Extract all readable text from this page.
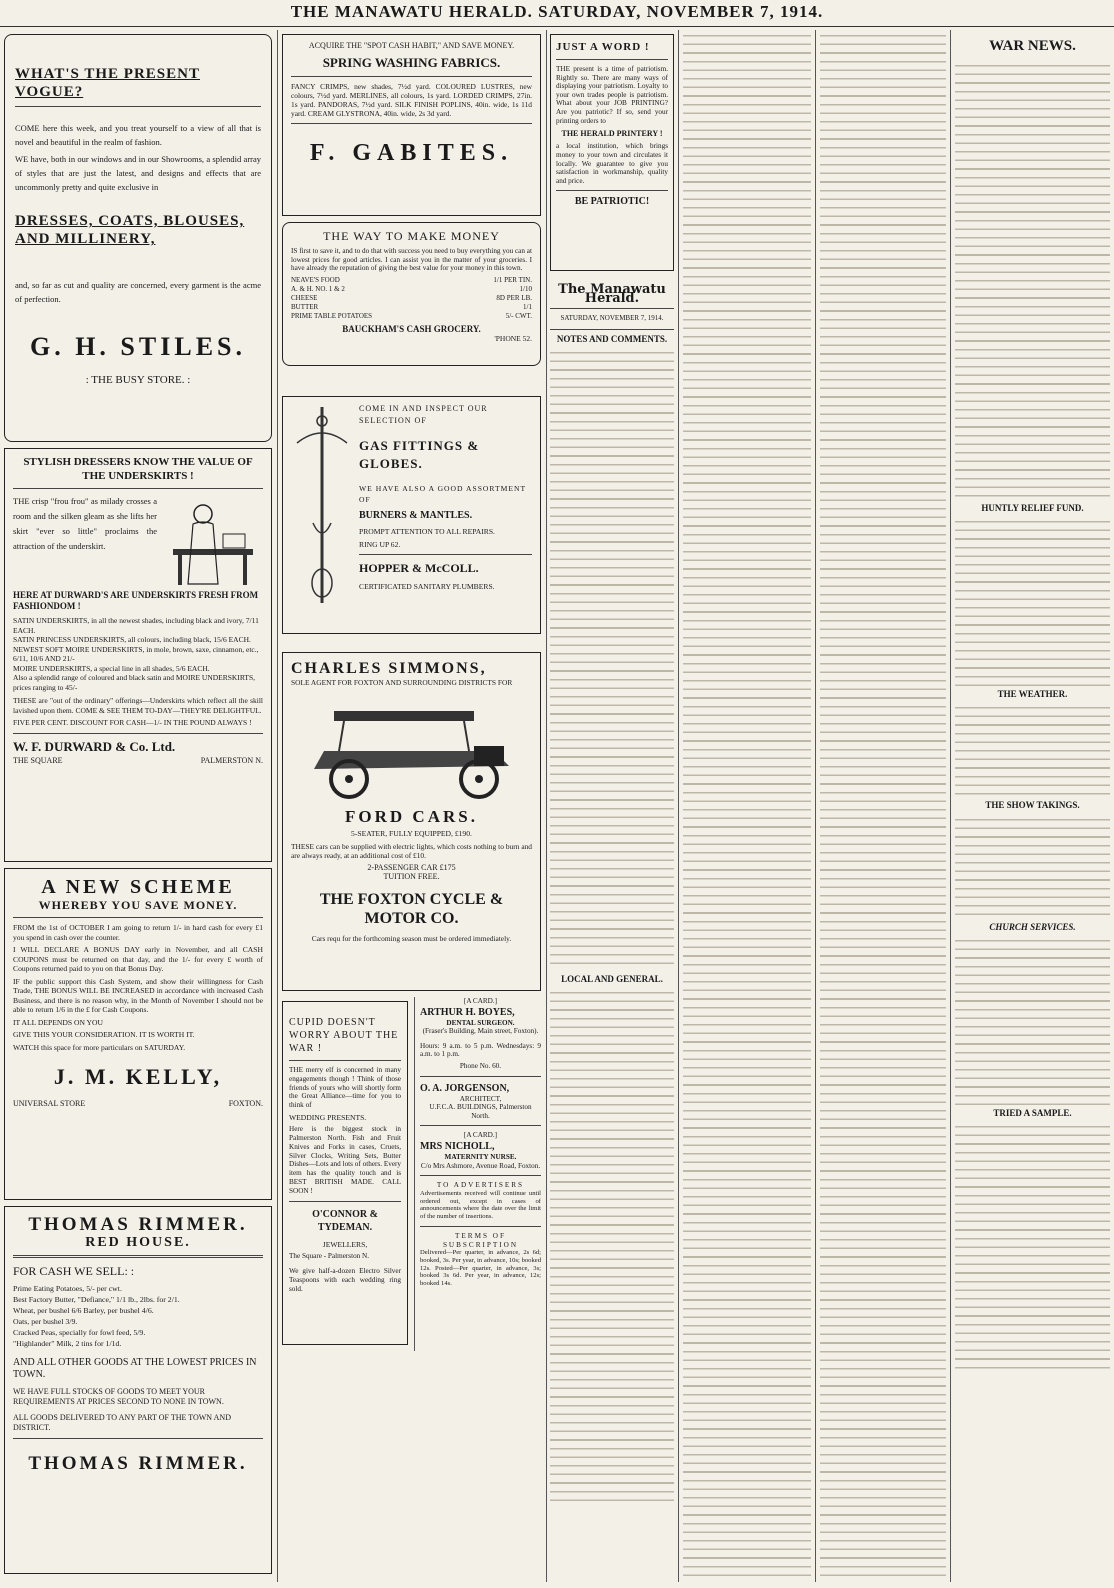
THE MANAWATU HERALD. SATURDAY, NOVEMBER 7, 1914.
WHAT'S THE PRESENT VOGUE?

COME here this week, and you treat yourself to a view of all that is novel and beautiful in the realm of fashion.

WE have, both in our windows and in our Showrooms, a splendid array of styles that are just the latest, and designs and effects that are uncommonly pretty and quite exclusive in

DRESSES, COATS, BLOUSES, AND MILLINERY,

and, so far as cut and quality are concerned, every garment is the acme of perfection.

G. H. STILES.
: THE BUSY STORE. :
STYLISH DRESSERS KNOW THE VALUE OF THE UNDERSKIRTS !

THE crisp "frou frou" as milady crosses a room and the silken gleam as she lifts her skirt "ever so little" proclaims the attraction of the underskirt.

HERE AT DURWARD'S ARE UNDERSKIRTS FRESH FROM FASHIONDOM !
SATIN UNDERSKIRTS, in all the newest shades, including black and ivory, 7/11 EACH.
SATIN PRINCESS UNDERSKIRTS, all colours, including black, 15/6 EACH.
NEWEST SOFT MOIRE UNDERSKIRTS, in mole, brown, saxe, cinnamon, etc., 6/11, 10/6 AND 21/-
MOIRE UNDERSKIRTS, a special line in all shades, 5/6 EACH.
Also a splendid range of coloured and black satin and MOIRE UNDERSKIRTS, prices ranging to 45/-

THESE are "out of the ordinary" offerings—Underskirts which reflect all the skill lavished upon them. COME & SEE THEM TO-DAY—THEY'RE DELIGHTFUL.

FIVE PER CENT. DISCOUNT FOR CASH—1/- IN THE POUND ALWAYS !

W. F. DURWARD & Co. Ltd.
THE SQUARE	PALMERSTON N.
A NEW SCHEME
WHEREBY YOU SAVE MONEY.

FROM the 1st of OCTOBER I am going to return 1/- in hard cash for every £1 you spend in cash over the counter.

I WILL DECLARE A BONUS DAY early in November, and all CASH COUPONS must be returned on that day, and the 1/- for every £ worth of Coupons returned paid to you on that Bonus Day.

IF the public support this Cash System, and show their willingness for Cash Trade, THE BONUS WILL BE INCREASED in accordance with increased Cash Business, and there is no reason why, in the Month of November I should not be able to return 1/6 in the £ for Cash Coupons.

IT ALL DEPENDS ON YOU

GIVE THIS YOUR CONSIDERATION. IT IS WORTH IT.

WATCH this space for more particulars on SATURDAY.

J. M. KELLY,
UNIVERSAL STORE	FOXTON.
THOMAS RIMMER.
RED HOUSE.
FOR CASH WE SELL: :
Prime Eating Potatoes, 5/- per cwt.
Best Factory Butter, "Defiance," 1/1 lb., 2lbs. for 2/1.
Wheat, per bushel 6/6 Barley, per bushel 4/6.
Oats, per bushel 3/9.
Cracked Peas, specially for fowl feed, 5/9.
"Highlander" Milk, 2 tins for 1/1d.
AND ALL OTHER GOODS AT THE LOWEST PRICES IN TOWN.
WE HAVE FULL STOCKS OF GOODS TO MEET YOUR REQUIREMENTS AT PRICES SECOND TO NONE IN TOWN.
ALL GOODS DELIVERED TO ANY PART OF THE TOWN AND DISTRICT.
THOMAS RIMMER.
ACQUIRE THE "SPOT CASH HABIT," AND SAVE MONEY.
SPRING WASHING FABRICS.

FANCY CRIMPS, new shades, 7½d yard. COLOURED LUSTRES, new colours, 7½d yard. MERLINES, all colours, 1s yard. LORDED CRIMPS, 27in. 1s yard. PANDORAS, 7½d yard. SILK FINISH POPLINS, 40in. wide, 1s 11d yard. CREAM GLYSTRONA, 40in. wide, 2s 3d yard.

F. GABITES.
THE WAY TO MAKE MONEY

IS first to save it, and to do that with success you need to buy everything you can at lowest prices for good articles. I can assist you in the matter of your groceries. I have already the reputation of giving the best value for your money in this town.

NEAVE'S FOOD	1/1 PER TIN.
A. & H. NO. 1 & 2	1/10
CHEESE	8D PER LB.
BUTTER	1/1
PRIME TABLE POTATOES	5/- CWT.
BAUCKHAM'S CASH GROCERY.
'PHONE 52.
COME IN AND INSPECT OUR SELECTION OF
GAS FITTINGS & GLOBES.
WE HAVE ALSO A GOOD ASSORTMENT OF
BURNERS & MANTLES.
PROMPT ATTENTION TO ALL REPAIRS.
RING UP 62.
HOPPER & McCOLL.
CERTIFICATED SANITARY PLUMBERS.
CHARLES SIMMONS,
SOLE AGENT FOR FOXTON AND SURROUNDING DISTRICTS FOR
FORD CARS.
5-SEATER, FULLY EQUIPPED, £190.

THESE cars can be supplied with electric lights, which costs nothing to burn and are always ready, at an additional cost of £10.

2-PASSENGER CAR £175
TUITION FREE.
THE FOXTON CYCLE & MOTOR CO.
Cars requ for the forthcoming season must be ordered immediately.
CUPID DOESN'T WORRY ABOUT THE WAR !

THE merry elf is concerned in many engagements though ! Think of those friends of yours who will shortly form the Great Alliance—time for you to think of

WEDDING PRESENTS.

Here is the biggest stock in Palmerston North. Fish and Fruit Knives and Forks in cases, Cruets, Silver Clocks, Writing Sets, Butter Dishes—Lots and lots of others. Every item has the quality touch and is BEST BRITISH MADE. CALL SOON !

O'CONNOR & TYDEMAN.
JEWELLERS,
The Square - Palmerston N.

We give half-a-dozen Electro Silver Teaspoons with each wedding ring sold.

[A CARD.]
ARTHUR H. BOYES,
DENTAL SURGEON.
(Fraser's Building, Main street, Foxton).

Hours: 9 a.m. to 5 p.m. Wednesdays: 9 a.m. to 1 p.m.

Phone No. 60.
O. A. JORGENSON,
ARCHITECT,
U.F.C.A. BUILDINGS, Palmerston North.
[A CARD.]
MRS NICHOLL,
MATERNITY NURSE.
C/o Mrs Ashmore, Avenue Road, Foxton.
TO ADVERTISERS

Advertisements received will continue until ordered out, except in cases of announcements where the date over the limit of the number of insertions.

TERMS OF SUBSCRIPTION

Delivered—Per quarter, in advance, 2s 6d; booked, 3s. Per year, in advance, 10s; booked 12s. Posted—Per quarter, in advance, 3s; booked 3s 6d. Per year, in advance, 12s; booked 14s.

JUST A WORD !

THE present is a time of patriotism. Rightly so. There are many ways of displaying your patriotism. Loyalty to your own trades people is patriotism. What about your JOB PRINTING? Are you patriotic? If so, send your printing orders to

THE HERALD PRINTERY !

a local institution, which brings money to your town and circulates it locally. We guarantee to give you satisfaction in workmanship, quality and price.

BE PATRIOTIC!
The Manawatu Herald.
SATURDAY, NOVEMBER 7, 1914.
NOTES AND COMMENTS.
LOCAL AND GENERAL.
WAR NEWS.
HUNTLY RELIEF FUND.
THE WEATHER.
THE SHOW TAKINGS.
CHURCH SERVICES.
TRIED A SAMPLE.
